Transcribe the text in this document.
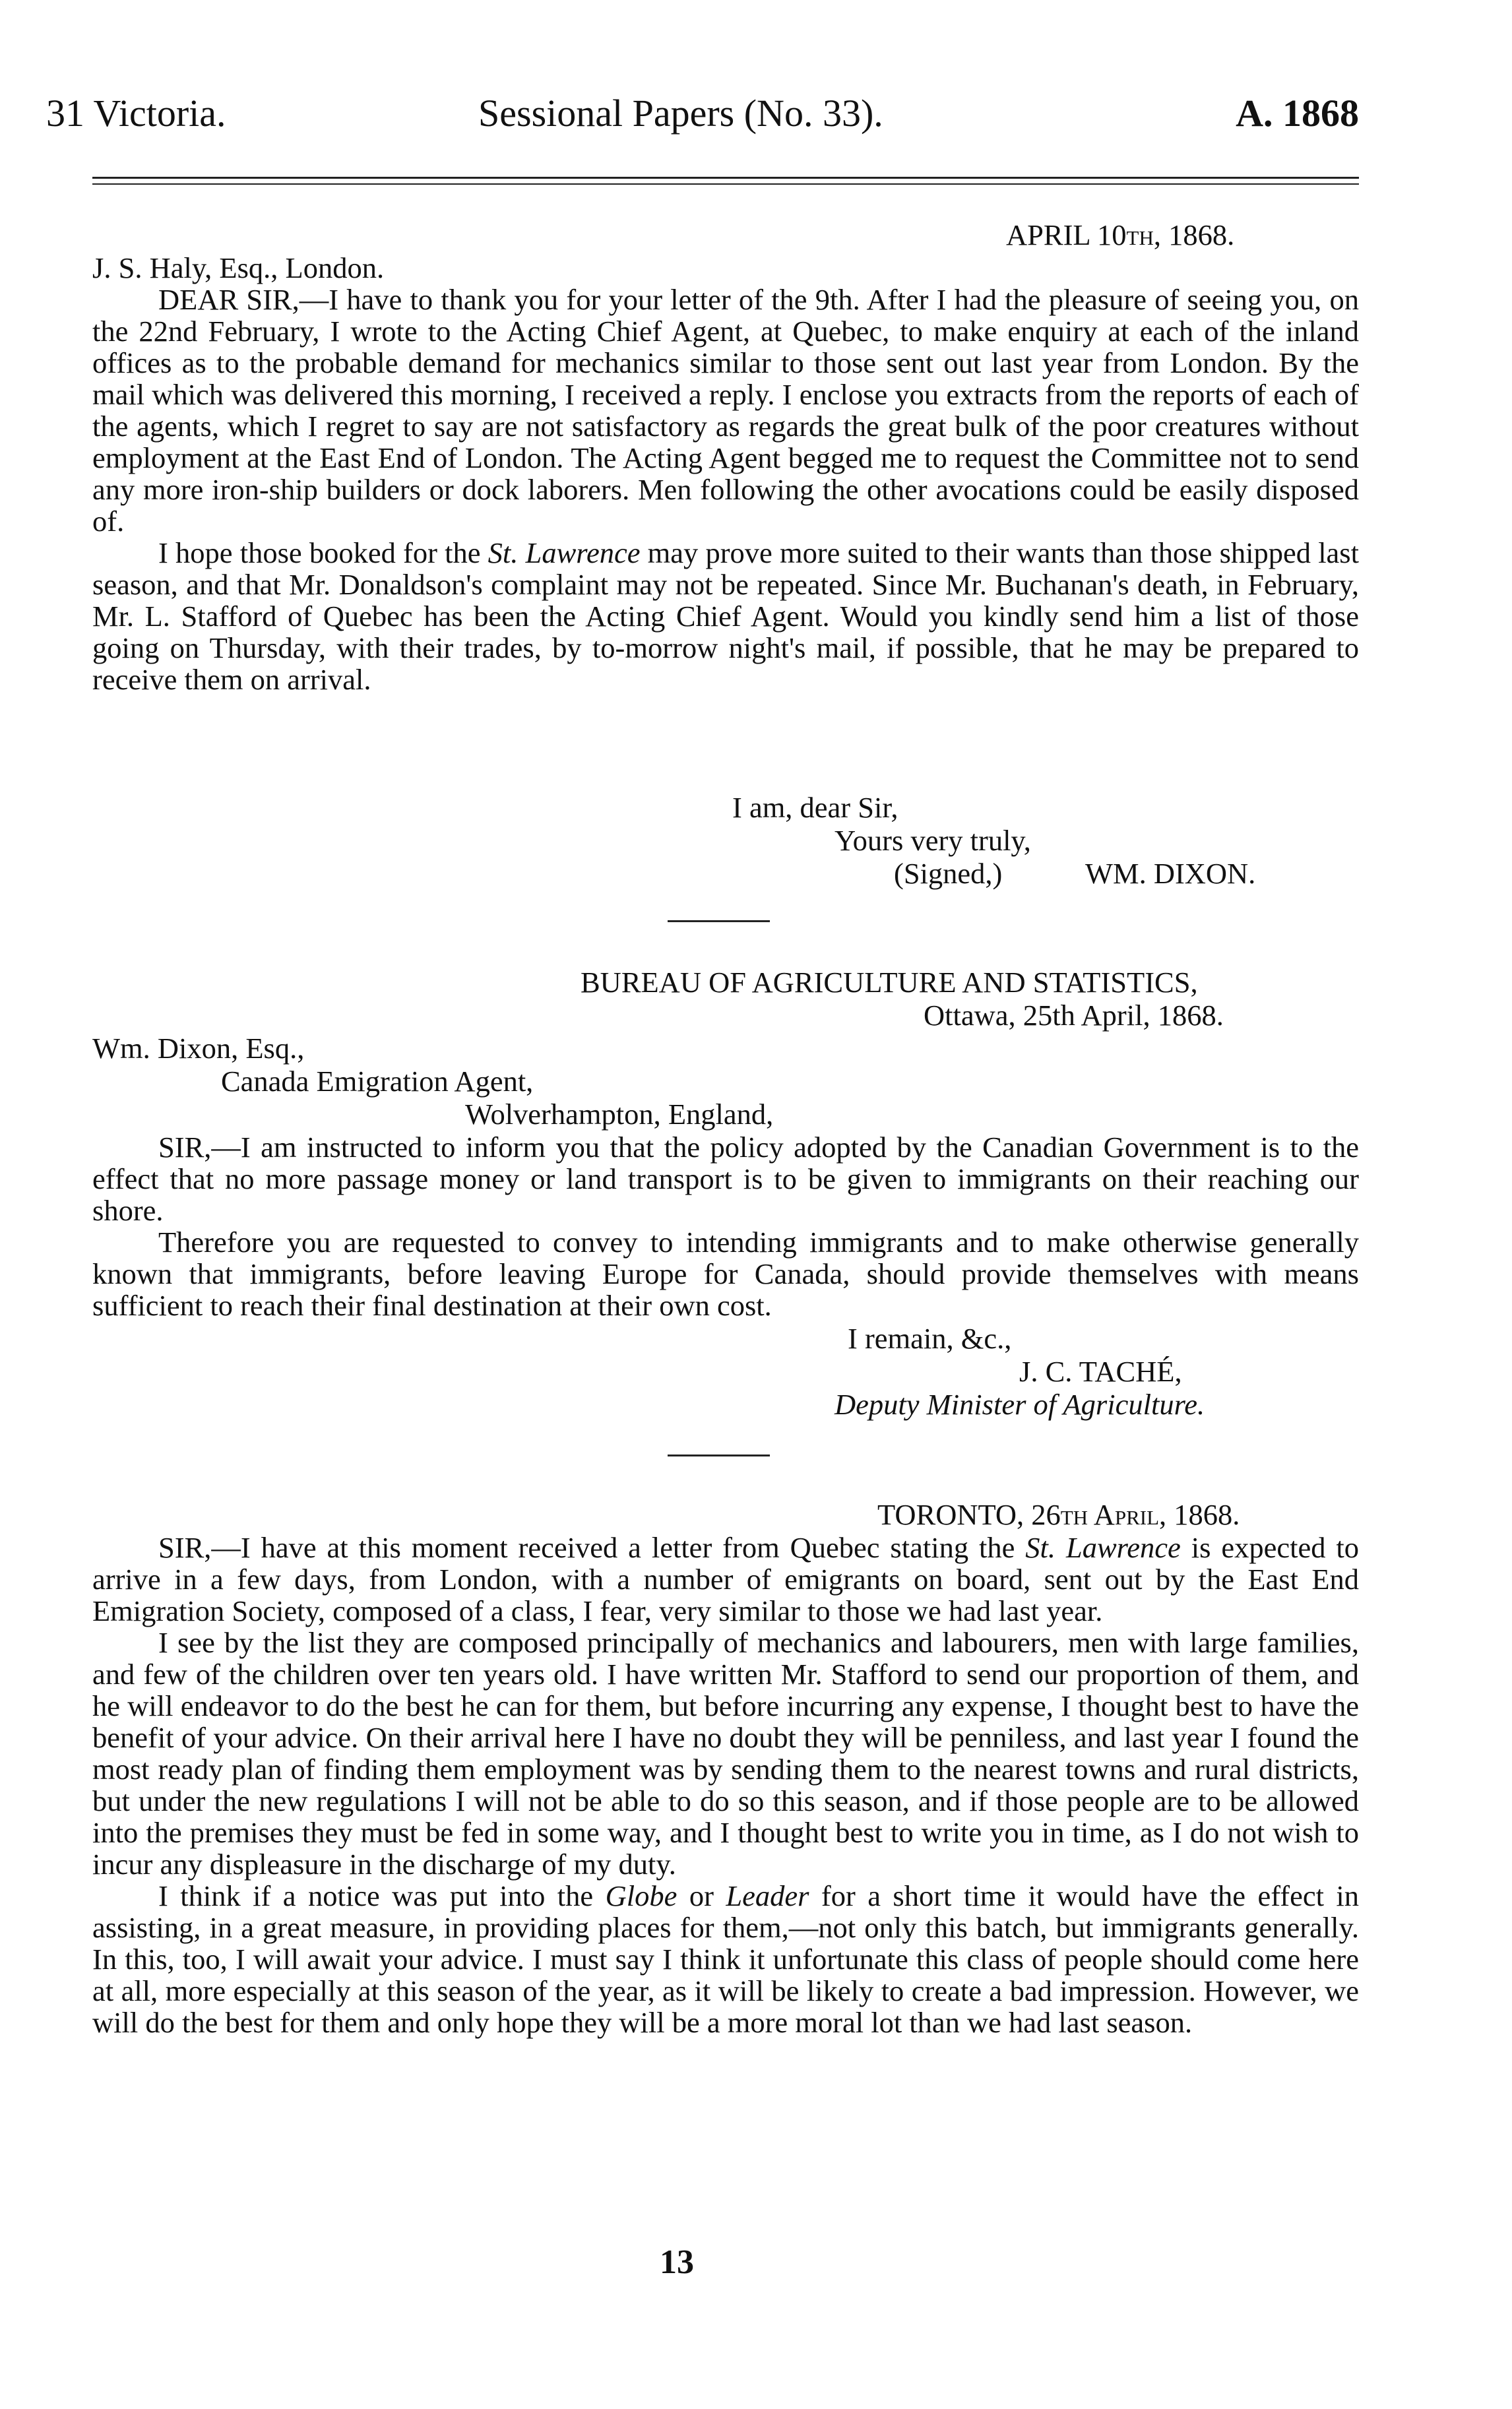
31 Victoria.	Sessional Papers (No. 33).	A. 1868
APRIL 10th, 1868.
J. S. Haly, Esq., London.

DEAR SIR,—I have to thank you for your letter of the 9th. After I had the pleasure of seeing you, on the 22nd February, I wrote to the Acting Chief Agent, at Quebec, to make enquiry at each of the inland offices as to the probable demand for mechanics similar to those sent out last year from London. By the mail which was delivered this morning, I received a reply. I enclose you extracts from the reports of each of the agents, which I regret to say are not satisfactory as regards the great bulk of the poor creatures without employment at the East End of London. The Acting Agent begged me to request the Committee not to send any more iron-ship builders or dock laborers. Men following the other avocations could be easily disposed of.

I hope those booked for the St. Lawrence may prove more suited to their wants than those shipped last season, and that Mr. Donaldson's complaint may not be repeated. Since Mr. Buchanan's death, in February, Mr. L. Stafford of Quebec has been the Acting Chief Agent. Would you kindly send him a list of those going on Thursday, with their trades, by to-morrow night's mail, if possible, that he may be prepared to receive them on arrival.

I am, dear Sir,
Yours very truly,
(Signed,)	WM. DIXON.
BUREAU OF AGRICULTURE AND STATISTICS,
Ottawa, 25th April, 1868.
Wm. Dixon, Esq.,
Canada Emigration Agent,
Wolverhampton, England,

SIR,—I am instructed to inform you that the policy adopted by the Canadian Government is to the effect that no more passage money or land transport is to be given to immigrants on their reaching our shore.

Therefore you are requested to convey to intending immigrants and to make otherwise generally known that immigrants, before leaving Europe for Canada, should provide themselves with means sufficient to reach their final destination at their own cost.

I remain, &c.,
J. C. TACHÉ,
Deputy Minister of Agriculture.
TORONTO, 26th April, 1868.

SIR,—I have at this moment received a letter from Quebec stating the St. Lawrence is expected to arrive in a few days, from London, with a number of emigrants on board, sent out by the East End Emigration Society, composed of a class, I fear, very similar to those we had last year.

I see by the list they are composed principally of mechanics and labourers, men with large families, and few of the children over ten years old. I have written Mr. Stafford to send our proportion of them, and he will endeavor to do the best he can for them, but before incurring any expense, I thought best to have the benefit of your advice. On their arrival here I have no doubt they will be penniless, and last year I found the most ready plan of finding them employment was by sending them to the nearest towns and rural districts, but under the new regulations I will not be able to do so this season, and if those people are to be allowed into the premises they must be fed in some way, and I thought best to write you in time, as I do not wish to incur any displeasure in the discharge of my duty.

I think if a notice was put into the Globe or Leader for a short time it would have the effect in assisting, in a great measure, in providing places for them,—not only this batch, but immigrants generally. In this, too, I will await your advice. I must say I think it unfortunate this class of people should come here at all, more especially at this season of the year, as it will be likely to create a bad impression. However, we will do the best for them and only hope they will be a more moral lot than we had last season.

13
